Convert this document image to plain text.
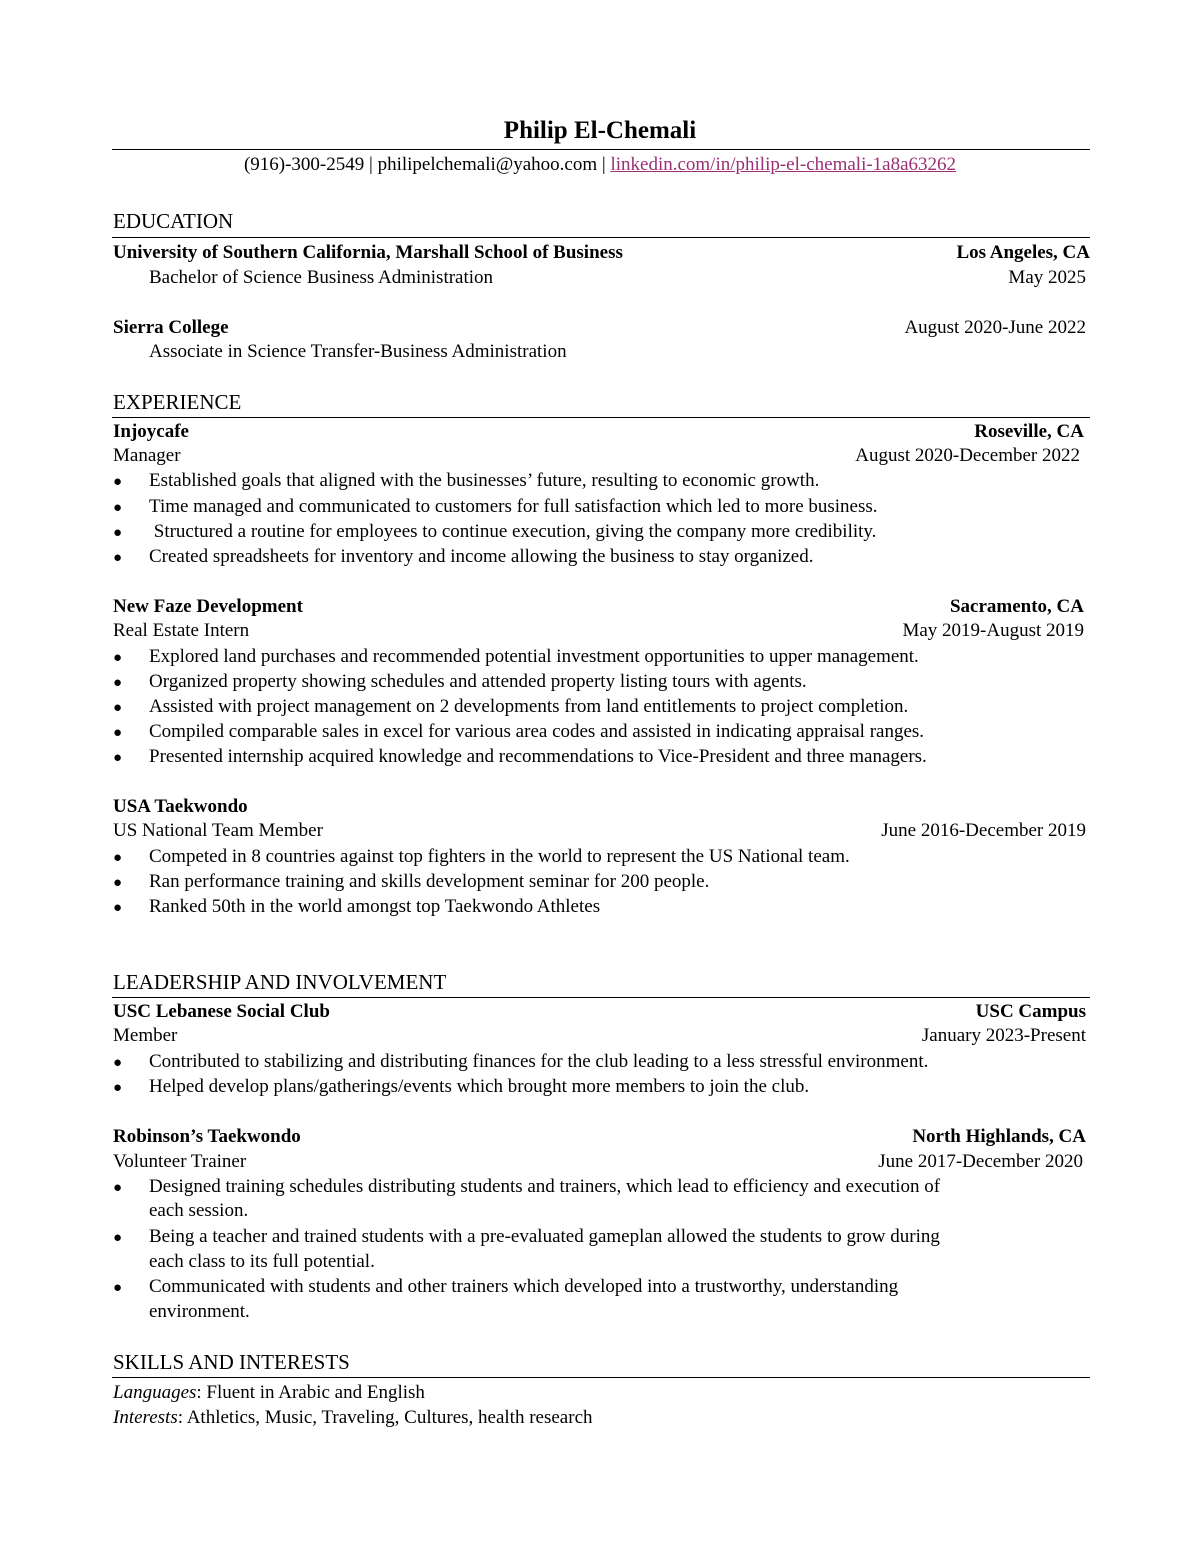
Philip El-Chemali
(916)-300-2549 | philipelchemali@yahoo.com | linkedin.com/in/philip-el-chemali-1a8a63262
EDUCATION
University of Southern California, Marshall School of Business	Los Angeles, CA
Bachelor of Science Business Administration	May 2025
Sierra College	August 2020-June 2022
Associate in Science Transfer-Business Administration
EXPERIENCE
Injoycafe	Roseville, CA
Manager	August 2020-December 2022
● Established goals that aligned with the businesses’ future, resulting to economic growth.
● Time managed and communicated to customers for full satisfaction which led to more business.
● Structured a routine for employees to continue execution, giving the company more credibility.
● Created spreadsheets for inventory and income allowing the business to stay organized.
New Faze Development	Sacramento, CA
Real Estate Intern	May 2019-August 2019
● Explored land purchases and recommended potential investment opportunities to upper management.
● Organized property showing schedules and attended property listing tours with agents.
● Assisted with project management on 2 developments from land entitlements to project completion.
● Compiled comparable sales in excel for various area codes and assisted in indicating appraisal ranges.
● Presented internship acquired knowledge and recommendations to Vice-President and three managers.
USA Taekwondo
US National Team Member	June 2016-December 2019
● Competed in 8 countries against top fighters in the world to represent the US National team.
● Ran performance training and skills development seminar for 200 people.
● Ranked 50th in the world amongst top Taekwondo Athletes
LEADERSHIP AND INVOLVEMENT
USC Lebanese Social Club	USC Campus
Member	January 2023-Present
● Contributed to stabilizing and distributing finances for the club leading to a less stressful environment.
● Helped develop plans/gatherings/events which brought more members to join the club.
Robinson’s Taekwondo	North Highlands, CA
Volunteer Trainer	June 2017-December 2020
● Designed training schedules distributing students and trainers, which lead to efficiency and execution of
each session.
● Being a teacher and trained students with a pre-evaluated gameplan allowed the students to grow during
each class to its full potential.
● Communicated with students and other trainers which developed into a trustworthy, understanding
environment.
SKILLS AND INTERESTS
Languages: Fluent in Arabic and English
Interests: Athletics, Music, Traveling, Cultures, health research
